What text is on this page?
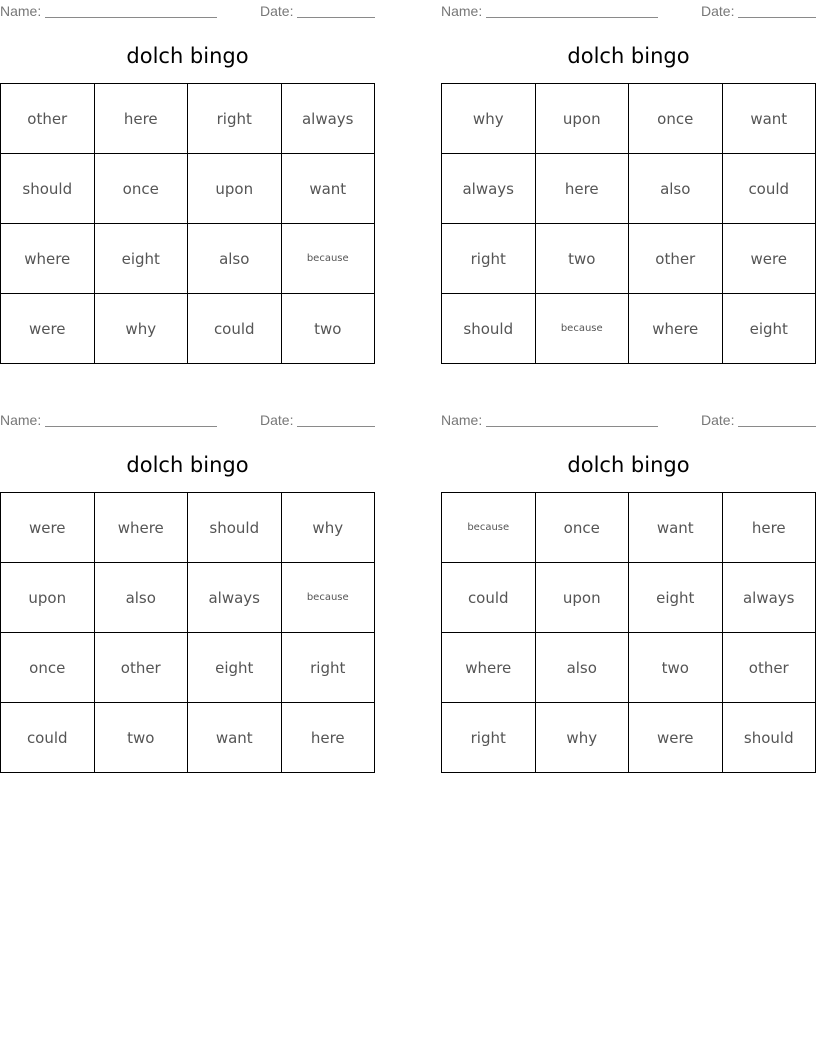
Name:	Date:
dolch bingo
other	here	right	always
should	once	upon	want
where	eight	also	because
were	why	could	two
Name:	Date:
dolch bingo
why	upon	once	want
always	here	also	could
right	two	other	were
should	because	where	eight
Name:	Date:
dolch bingo
were	where	should	why
upon	also	always	because
once	other	eight	right
could	two	want	here
Name:	Date:
dolch bingo
because	once	want	here
could	upon	eight	always
where	also	two	other
right	why	were	should
